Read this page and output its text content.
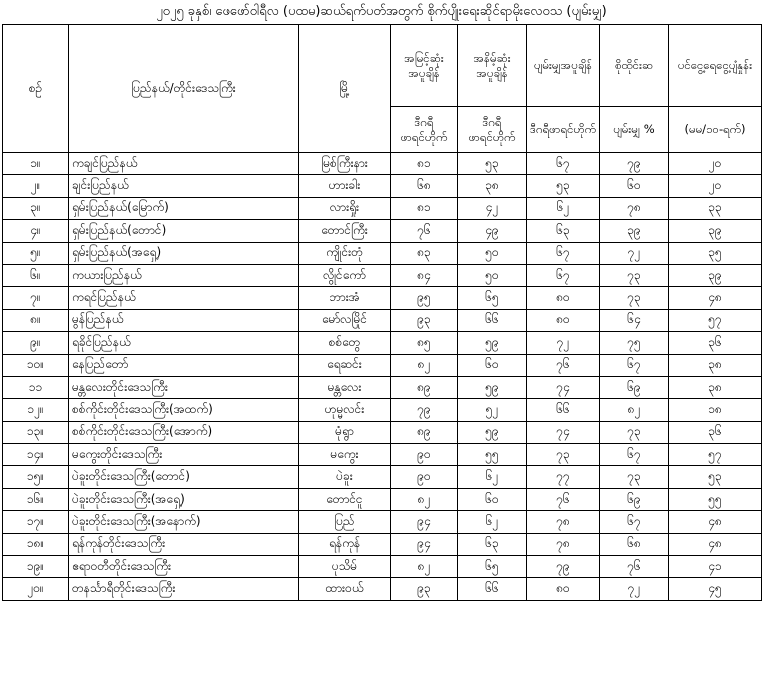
၂၀၂၅ ခုနှစ်၊ ဖေဖော်ဝါရီလ (ပထမ)ဆယ်ရက်ပတ်အတွက် စိုက်ပျိုးရေးဆိုင်ရာမိုးလေဝသ (ပျမ်းမျှ)
စဉ်	ပြည်နယ်/တိုင်းဒေသကြီး	မြို့	အမြင့်ဆုံးအပူချိန်	အနိမ့်ဆုံးအပူချိန်	ပျမ်းမျှအပူချိန်	စိုထိုင်းဆ	ပင်ငွေ့ရေငွေ့ပျံနှုန်း
			ဒီဂရီဖာရင်ဟိုက်	ဒီဂရီဖာရင်ဟိုက်	ဒီဂရီဖာရင်ဟိုက်	ပျမ်းမျှ %	(မမ/၁၀-ရက်)
၁။	ကချင်ပြည်နယ်	မြစ်ကြီးနား	၈၁	၅၃	၆၇	၇၉	၂၀
၂။	ချင်းပြည်နယ်	ဟားခါး	၆၈	၃၈	၅၃	၆၀	၂၀
၃။	ရှမ်းပြည်နယ်(မြောက်)	လားရှိုး	၈၁	၄၂	၆၂	၇၈	၃၃
၄။	ရှမ်းပြည်နယ်(တောင်)	တောင်ကြီး	၇၆	၄၉	၆၃	၃၉	၃၉
၅။	ရှမ်းပြည်နယ်(အရှေ့)	ကျိုင်းတုံ	၈၃	၅၀	၆၇	၇၂	၃၅
၆။	ကယားပြည်နယ်	လွိုင်ကော်	၈၄	၅၀	၆၇	၇၃	၃၉
၇။	ကရင်ပြည်နယ်	ဘားအံ	၉၅	၆၅	၈၀	၇၃	၄၈
၈။	မွန်ပြည်နယ်	မော်လမြိုင်	၉၃	၆၆	၈၀	၆၄	၅၇
၉။	ရခိုင်ပြည်နယ်	စစ်တွေ	၈၅	၅၉	၇၂	၇၅	၃၆
၁၀။	နေပြည်တော်	ရေဆင်း	၈၂	၆၀	၇၆	၆၇	၃၈
၁၁	မန္တလေးတိုင်းဒေသကြီး	မန္တလေး	၈၉	၅၉	၇၄	၆၉	၃၈
၁၂။	စစ်ကိုင်းတိုင်းဒေသကြီး(အထက်)	ဟုမ္မလင်း	၇၉	၅၂	၆၆	၈၂	၁၈
၁၃။	စစ်ကိုင်းတိုင်းဒေသကြီး(အောက်)	မုံရွာ	၈၉	၅၉	၇၄	၇၃	၃၆
၁၄။	မကွေးတိုင်းဒေသကြီး	မကွေး	၉၀	၅၅	၇၃	၆၇	၅၇
၁၅။	ပဲခူးတိုင်းဒေသကြီး(တောင်)	ပဲခူး	၉၀	၆၂	၇၇	၇၃	၅၃
၁၆။	ပဲခူးတိုင်းဒေသကြီး(အရှေ့)	တောင်ငူ	၈၂	၆၀	၇၆	၆၉	၅၅
၁၇။	ပဲခူးတိုင်းဒေသကြီး(အနောက်)	ပြည်	၉၄	၆၂	၇၈	၆၇	၄၈
၁၈။	ရန်ကုန်တိုင်းဒေသကြီး	ရန်ကုန်	၉၄	၆၃	၇၈	၆၈	၄၈
၁၉။	ဧရာဝတီတိုင်းဒေသကြီး	ပုသိမ်	၈၂	၆၅	၇၉	၇၆	၄၁
၂၀။	တနင်္သာရီတိုင်းဒေသကြီး	ထားဝယ်	၉၃	၆၆	၈၀	၇၂	၄၅
